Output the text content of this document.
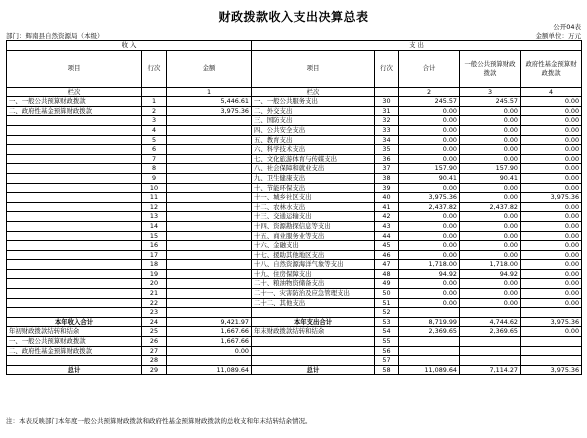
财政拨款收入支出决算总表
公开04表
部门：辉南县自然资源局（本级）	金额单位：万元
收 入			支 出				
项目	行次	金额	项目	行次	合计	一般公共预算财政拨款	政府性基金预算财政拨款
栏次		1	栏次		2	3	4
一、一般公共预算财政拨款	1	5,446.61	一、一般公共服务支出	30	245.57	245.57	0.00
二、政府性基金预算财政拨款	2	3,975.36	二、外交支出	31	0.00	0.00	0.00
	3		三、国防支出	32	0.00	0.00	0.00
	4		四、公共安全支出	33	0.00	0.00	0.00
	5		五、教育支出	34	0.00	0.00	0.00
	6		六、科学技术支出	35	0.00	0.00	0.00
	7		七、文化旅游体育与传媒支出	36	0.00	0.00	0.00
	8		八、社会保障和就业支出	37	157.90	157.90	0.00
	9		九、卫生健康支出	38	90.41	90.41	0.00
	10		十、节能环保支出	39	0.00	0.00	0.00
	11		十一、城乡社区支出	40	3,975.36	0.00	3,975.36
	12		十二、农林水支出	41	2,437.82	2,437.82	0.00
	13		十三、交通运输支出	42	0.00	0.00	0.00
	14		十四、资源勘探信息等支出	43	0.00	0.00	0.00
	15		十五、商业服务业等支出	44	0.00	0.00	0.00
	16		十六、金融支出	45	0.00	0.00	0.00
	17		十七、援助其他地区支出	46	0.00	0.00	0.00
	18		十八、自然资源海洋气象等支出	47	1,718.00	1,718.00	0.00
	19		十九、住房保障支出	48	94.92	94.92	0.00
	20		二十、粮油物资储备支出	49	0.00	0.00	0.00
	21		二十一、灾害防治及应急管理支出	50	0.00	0.00	0.00
	22		二十二、其他支出	51	0.00	0.00	0.00
	23			52			
本年收入合计	24	9,421.97	本年支出合计	53	8,719.99	4,744.62	3,975.36
年初财政拨款结转和结余	25	1,667.66	年末财政拨款结转和结余	54	2,369.65	2,369.65	0.00
一、一般公共预算财政拨款	26	1,667.66		55			
二、政府性基金预算财政拨款	27	0.00		56			
	28			57			
总计	29	11,089.64	总计	58	11,089.64	7,114.27	3,975.36
注：本表反映部门本年度一般公共预算财政拨款和政府性基金预算财政拨款的总收支和年末结转结余情况。
